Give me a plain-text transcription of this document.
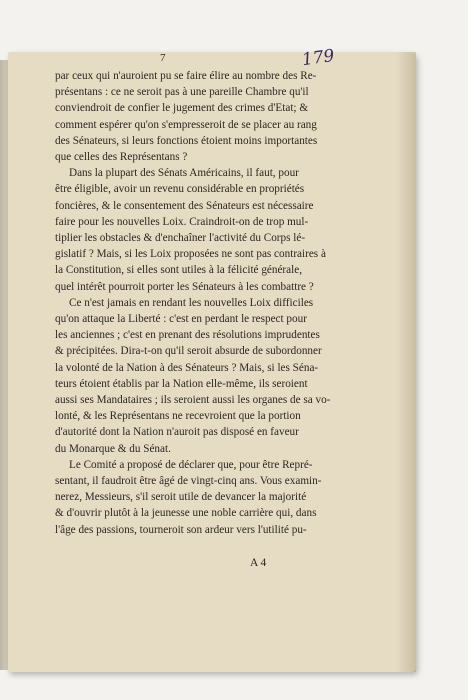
7	179
par ceux qui n'auroient pu se faire élire au nombre des Re-
présentans : ce ne seroit pas à une pareille Chambre qu'il
conviendroit de confier le jugement des crimes d'Etat; &
comment espérer qu'on s'empresseroit de se placer au rang
des Sénateurs, si leurs fonctions étoient moins importantes
que celles des Représentans ?
Dans la plupart des Sénats Américains, il faut, pour
être éligible, avoir un revenu considérable en propriétés
foncières, & le consentement des Sénateurs est nécessaire
faire pour les nouvelles Loix. Craindroit-on de trop mul-
tiplier les obstacles & d'enchaîner l'activité du Corps lé-
gislatif ? Mais, si les Loix proposées ne sont pas contraires à
la Constitution, si elles sont utiles à la félicité générale,
quel intérêt pourroit porter les Sénateurs à les combattre ?
Ce n'est jamais en rendant les nouvelles Loix difficiles
qu'on attaque la Liberté : c'est en perdant le respect pour
les anciennes ; c'est en prenant des résolutions imprudentes
& précipitées. Dira-t-on qu'il seroit absurde de subordonner
la volonté de la Nation à des Sénateurs ? Mais, si les Séna-
teurs étoient établis par la Nation elle-même, ils seroient
aussi ses Mandataires ; ils seroient aussi les organes de sa vo-
lonté, & les Représentans ne recevroient que la portion
d'autorité dont la Nation n'auroit pas disposé en faveur
du Monarque & du Sénat.
Le Comité a proposé de déclarer que, pour être Repré-
sentant, il faudroit être âgé de vingt-cinq ans. Vous examin-
nerez, Messieurs, s'il seroit utile de devancer la majorité
& d'ouvrir plutôt à la jeunesse une noble carrière qui, dans
l'âge des passions, tourneroit son ardeur vers l'utilité pu-
A 4
